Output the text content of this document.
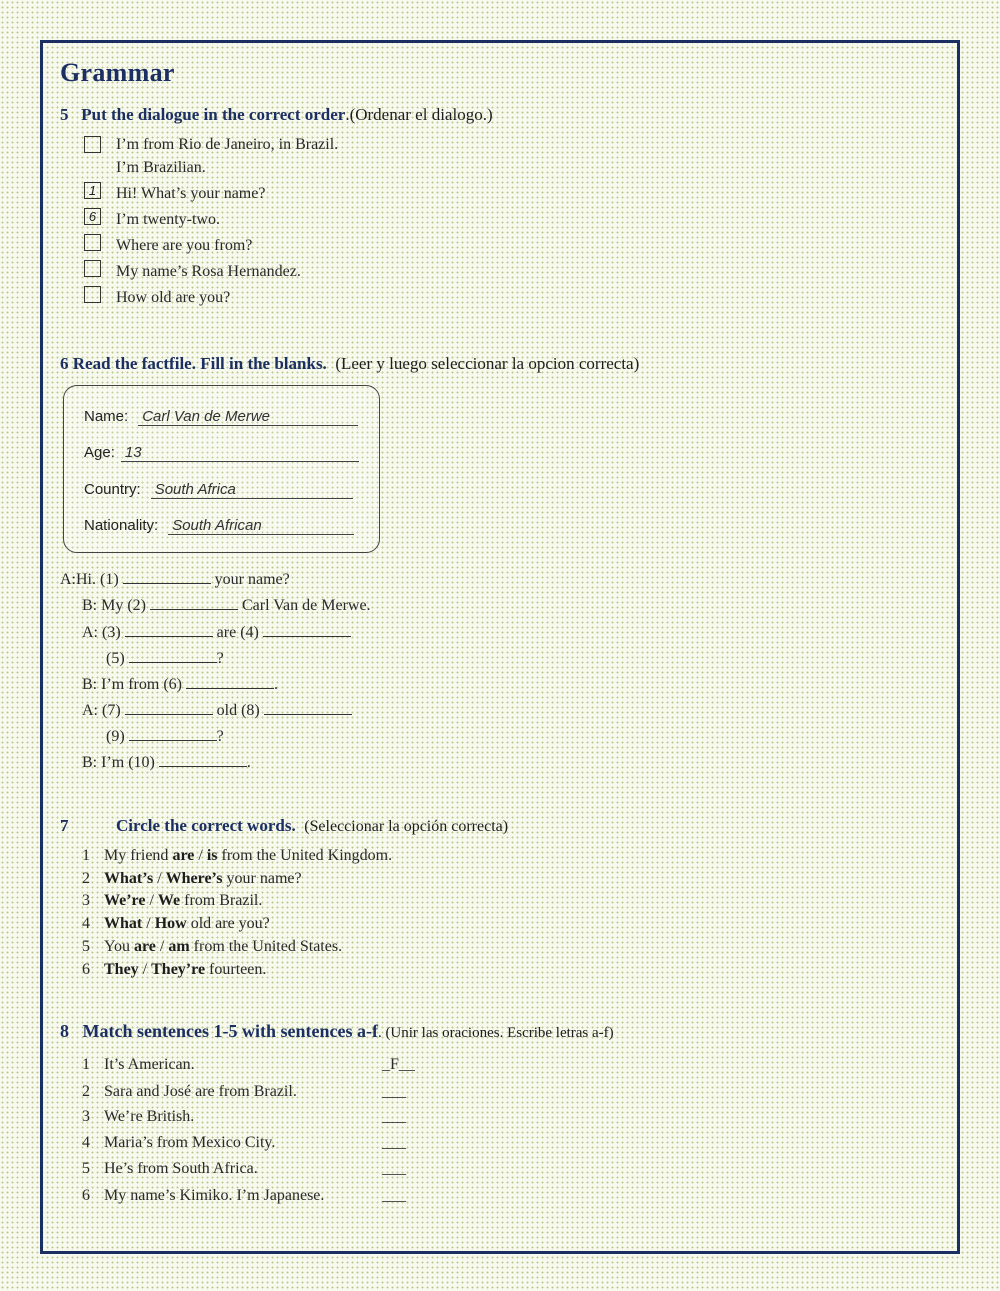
Grammar
5 Put the dialogue in the correct order.(Ordenar el dialogo.)
I’m from Rio de Janeiro, in Brazil.
I’m Brazilian.
1	Hi! What’s your name?
6	I’m twenty-two.
Where are you from?
My name’s Rosa Hernandez.
How old are you?
6 Read the factfile. Fill in the blanks. (Leer y luego seleccionar la opcion correcta)
Name: Carl Van de Merwe
Age: 13
Country: South Africa
Nationality: South African
A:Hi. (1)	your name?
B: My (2)	Carl Van de Merwe.
A: (3)	are (4)
(5)	?
B: I’m from (6)	.
A: (7)	old (8)
(9)	?
B: I’m (10)	.
7	Circle the correct words. (Seleccionar la opción correcta)
1 My friend are / is from the United Kingdom.
2 What’s / Where’s your name?
3 We’re / We from Brazil.
4 What / How old are you?
5 You are / am from the United States.
6 They / They’re fourteen.
8 Match sentences 1-5 with sentences a-f. (Unir las oraciones. Escribe letras a-f)
1 It’s American.	_F__
2 Sara and José are from Brazil.	___
3 We’re British.	___
4 Maria’s from Mexico City.	___
5 He’s from South Africa.	___
6 My name’s Kimiko. I’m Japanese.	___
